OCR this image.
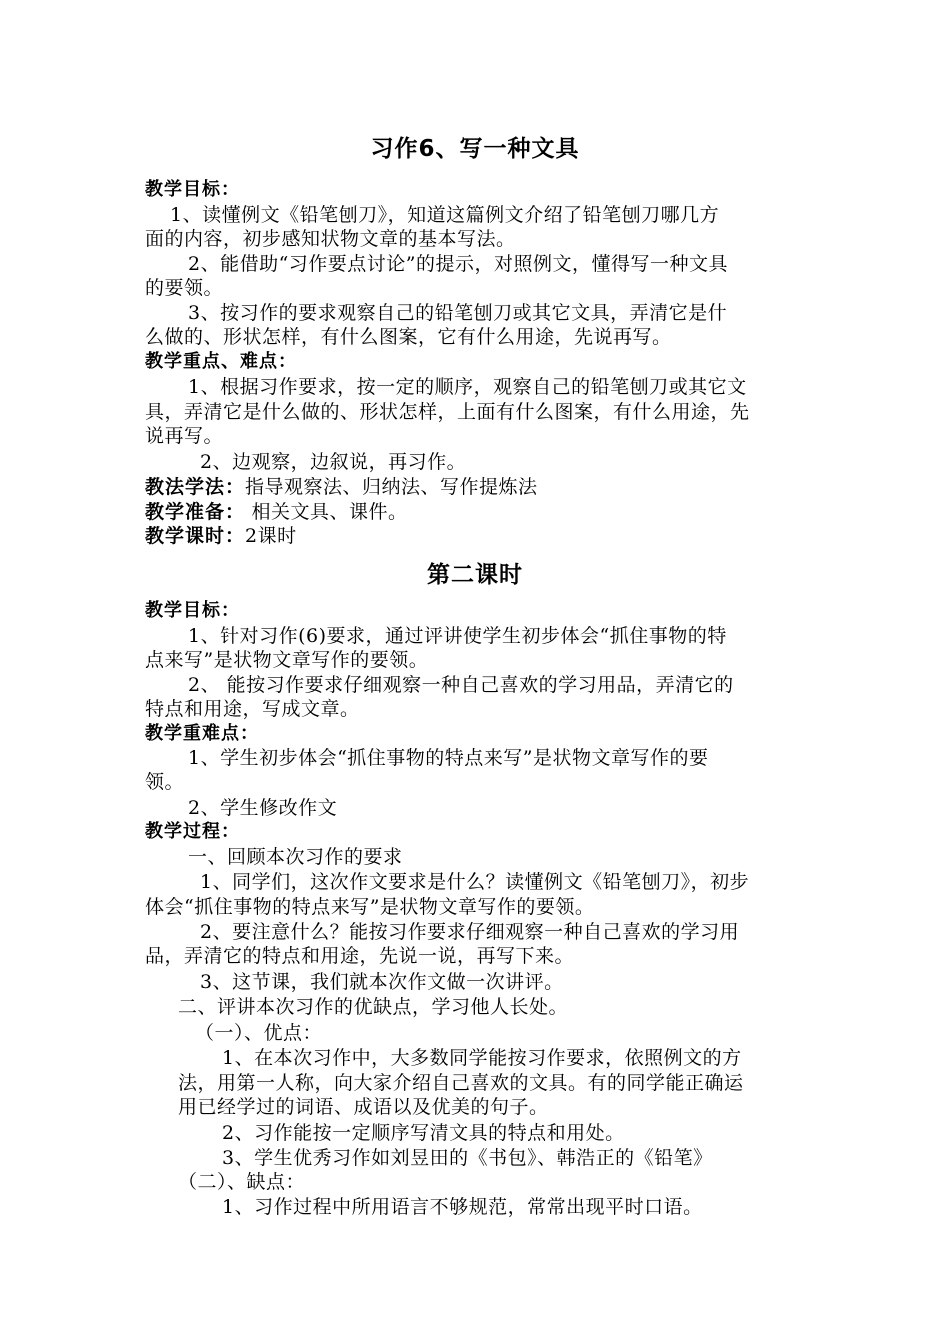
习作6、写一种文具
教学目标：
1、读懂例文《铅笔刨刀》，知道这篇例文介绍了铅笔刨刀哪几方
面的内容，初步感知状物文章的基本写法。
2、能借助“习作要点讨论”的提示，对照例文，懂得写一种文具
的要领。
3、按习作的要求观察自己的铅笔刨刀或其它文具，弄清它是什
么做的、形状怎样，有什么图案，它有什么用途，先说再写。
教学重点、难点：
1、根据习作要求，按一定的顺序，观察自己的铅笔刨刀或其它文
具，弄清它是什么做的、形状怎样，上面有什么图案，有什么用途，先
说再写。
2、边观察，边叙说，再习作。
教法学法：指导观察法、归纳法、写作提炼法
教学准备： 相关文具、课件。
教学课时：2课时
第二课时
教学目标：
1、针对习作(6)要求，通过评讲使学生初步体会“抓住事物的特
点来写”是状物文章写作的要领。
2、 能按习作要求仔细观察一种自己喜欢的学习用品，弄清它的
特点和用途，写成文章。
教学重难点：
1、学生初步体会“抓住事物的特点来写”是状物文章写作的要
领。
2、学生修改作文
教学过程：
一、回顾本次习作的要求
1、同学们，这次作文要求是什么？读懂例文《铅笔刨刀》，初步
体会“抓住事物的特点来写”是状物文章写作的要领。
2、要注意什么？能按习作要求仔细观察一种自己喜欢的学习用
品，弄清它的特点和用途，先说一说，再写下来。
3、这节课，我们就本次作文做一次讲评。
二、评讲本次习作的优缺点，学习他人长处。
（一）、优点：
1、在本次习作中，大多数同学能按习作要求，依照例文的方
法，用第一人称，向大家介绍自己喜欢的文具。有的同学能正确运
用已经学过的词语、成语以及优美的句子。
2、习作能按一定顺序写清文具的特点和用处。
3、学生优秀习作如刘昱田的《书包》、韩浩正的《铅笔》
（二）、缺点：
1、习作过程中所用语言不够规范，常常出现平时口语。
